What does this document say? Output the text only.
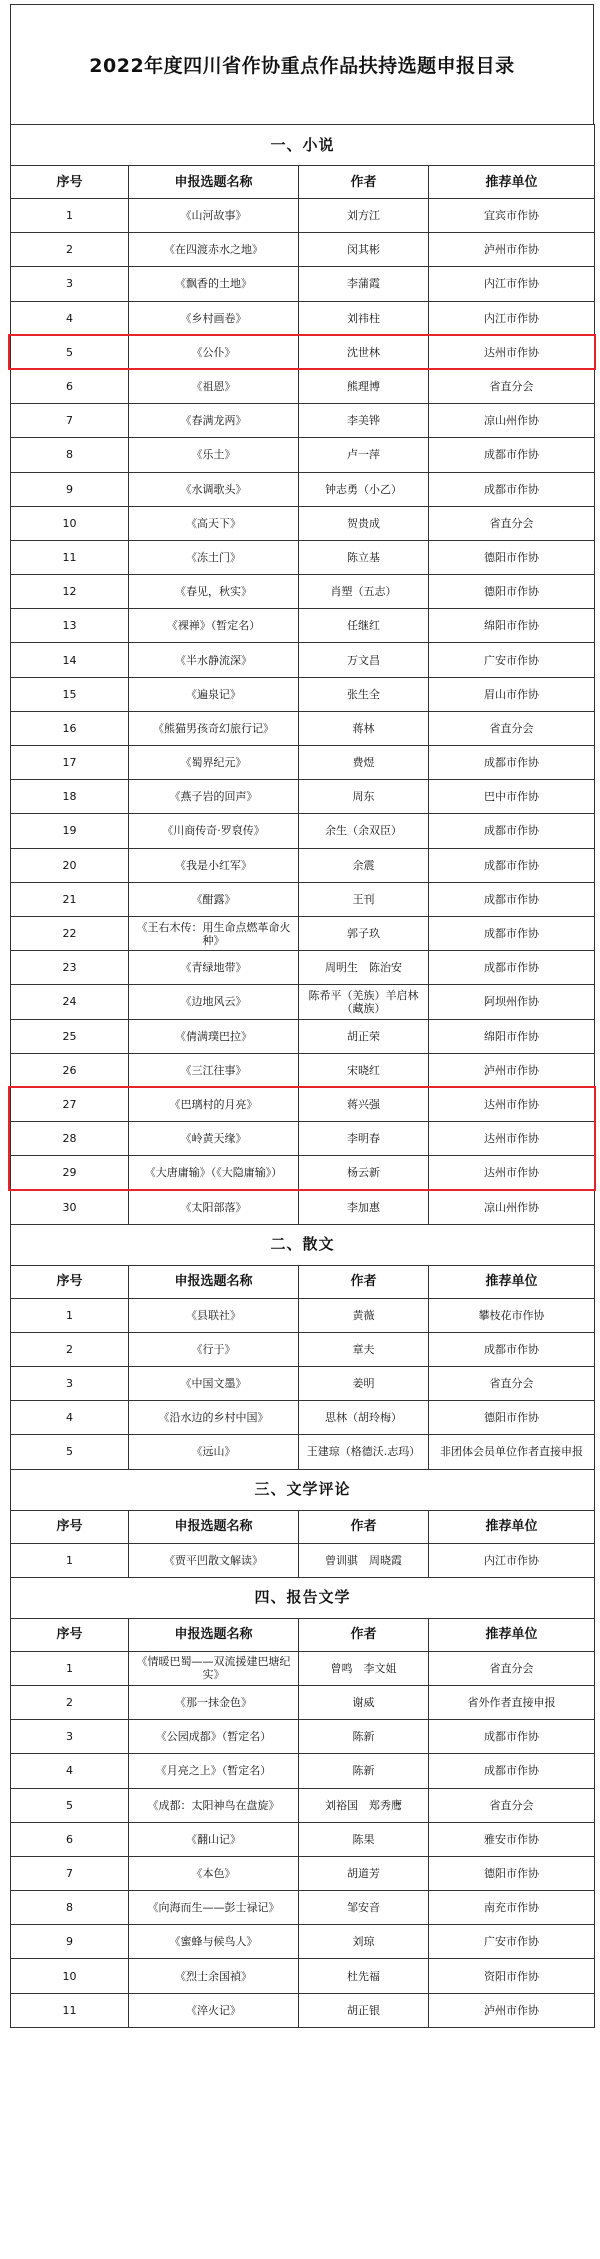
2022年度四川省作协重点作品扶持选题申报目录
一、小说			
序号	申报选题名称	作者	推荐单位
1	《山河故事》	刘方江	宜宾市作协
2	《在四渡赤水之地》	闵其彬	泸州市作协
3	《飘香的土地》	李蒲霞	内江市作协
4	《乡村画卷》	刘祎柱	内江市作协
5	《公仆》	沈世林	达州市作协
6	《祖恩》	熊理博	省直分会
7	《春满龙两》	李美铧	凉山州作协
8	《乐土》	卢一萍	成都市作协
9	《水调歌头》	钟志勇（小乙）	成都市作协
10	《高天下》	贺贵成	省直分会
11	《冻土门》	陈立基	德阳市作协
12	《春见，秋实》	肖塑（五志）	德阳市作协
13	《裸禅》（暂定名）	任继红	绵阳市作协
14	《半水静流深》	万文昌	广安市作协
15	《遍泉记》	张生全	眉山市作协
16	《熊猫男孩奇幻旅行记》	蒋林	省直分会
17	《蜀界纪元》	费煜	成都市作协
18	《燕子岩的回声》	周东	巴中市作协
19	《川商传奇·罗裒传》	余生（余双臣）	成都市作协
20	《我是小红军》	余震	成都市作协
21	《酣露》	王刊	成都市作协
22	《王右木传：用生命点燃革命火种》	郭子玖	成都市作协
23	《青绿地带》	周明生　陈治安	成都市作协
24	《边地风云》	陈希平（羌族）羊启林（藏族）	阿坝州作协
25	《倩满璞巴拉》	胡正荣	绵阳市作协
26	《三江往事》	宋晓红	泸州市作协
27	《巴璃村的月亮》	蒋兴强	达州市作协
28	《岭黄天缘》	李明春	达州市作协
29	《大唐庸输》（《大隐庸输》）	杨云新	达州市作协
30	《太阳部落》	李加惠	凉山州作协
二、散文			
序号	申报选题名称	作者	推荐单位
1	《县联社》	黄薇	攀枝花市作协
2	《行于》	章夫	成都市作协
3	《中国文墨》	姜明	省直分会
4	《沿水边的乡村中国》	思林（胡玲梅）	德阳市作协
5	《远山》	王建琼（格德沃.志玛）	非团体会员单位作者直接申报
三、文学评论			
序号	申报选题名称	作者	推荐单位
1	《贾平凹散文解读》	曾训骐　周晓霞	内江市作协
四、报告文学			
序号	申报选题名称	作者	推荐单位
1	《情暖巴蜀——双流援建巴塘纪实》	曾鸣　李文姐	省直分会
2	《那一抹金色》	谢威	省外作者直接申报
3	《公园成都》（暂定名）	陈新	成都市作协
4	《月亮之上》（暂定名）	陈新	成都市作协
5	《成都：太阳神鸟在盘旋》	刘裕国　郑秀鹰	省直分会
6	《翻山记》	陈果	雅安市作协
7	《本色》	胡道芳	德阳市作协
8	《向海而生——彭士禄记》	邹安音	南充市作协
9	《蜜蜂与候鸟人》	刘琼	广安市作协
10	《烈士余国禎》	杜先福	资阳市作协
11	《淬火记》	胡正银	泸州市作协
